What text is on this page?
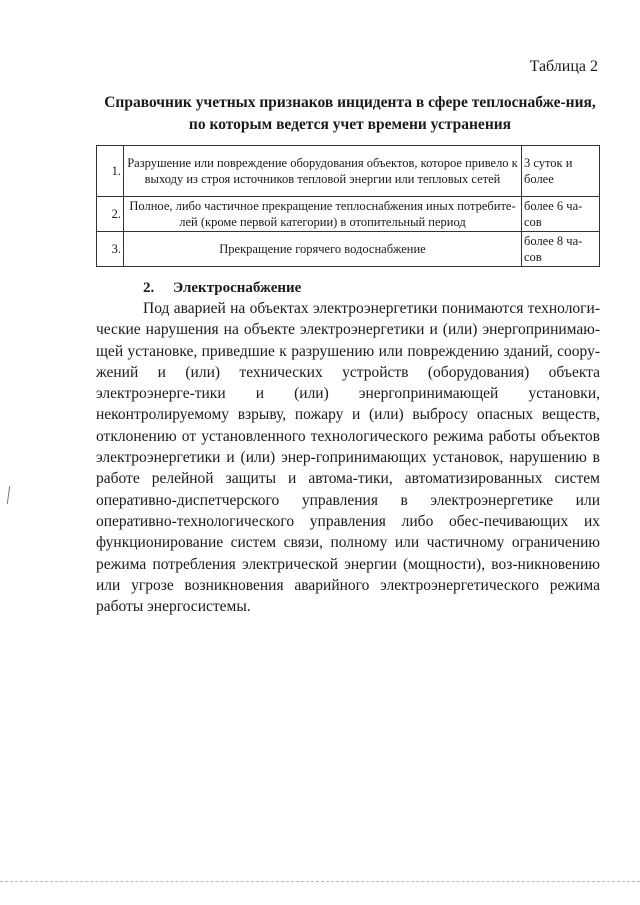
Таблица 2
Справочник учетных признаков инцидента в сфере теплоснабже-ния, по которым ведется учет времени устранения
1.	Разрушение или повреждение оборудования объектов, которое привело к выходу из строя источников тепловой энергии или тепловых сетей	3 суток и более
2.	Полное, либо частичное прекращение теплоснабжения иных потребите-лей (кроме первой категории) в отопительный период	более 6 ча-сов
3.	Прекращение горячего водоснабжение	более 8 ча-сов
2. Электроснабжение

Под аварией на объектах электроэнергетики понимаются технологи-ческие нарушения на объекте электроэнергетики и (или) энергопринимаю-щей установке, приведшие к разрушению или повреждению зданий, соору-жений и (или) технических устройств (оборудования) объекта электроэнерге-тики и (или) энергопринимающей установки, неконтролируемому взрыву, пожару и (или) выбросу опасных веществ, отклонению от установленного технологического режима работы объектов электроэнергетики и (или) энер-гопринимающих установок, нарушению в работе релейной защиты и автома-тики, автоматизированных систем оперативно-диспетчерского управления в электроэнергетике или оперативно-технологического управления либо обес-печивающих их функционирование систем связи, полному или частичному ограничению режима потребления электрической энергии (мощности), воз-никновению или угрозе возникновения аварийного электроэнергетического режима работы энергосистемы.
